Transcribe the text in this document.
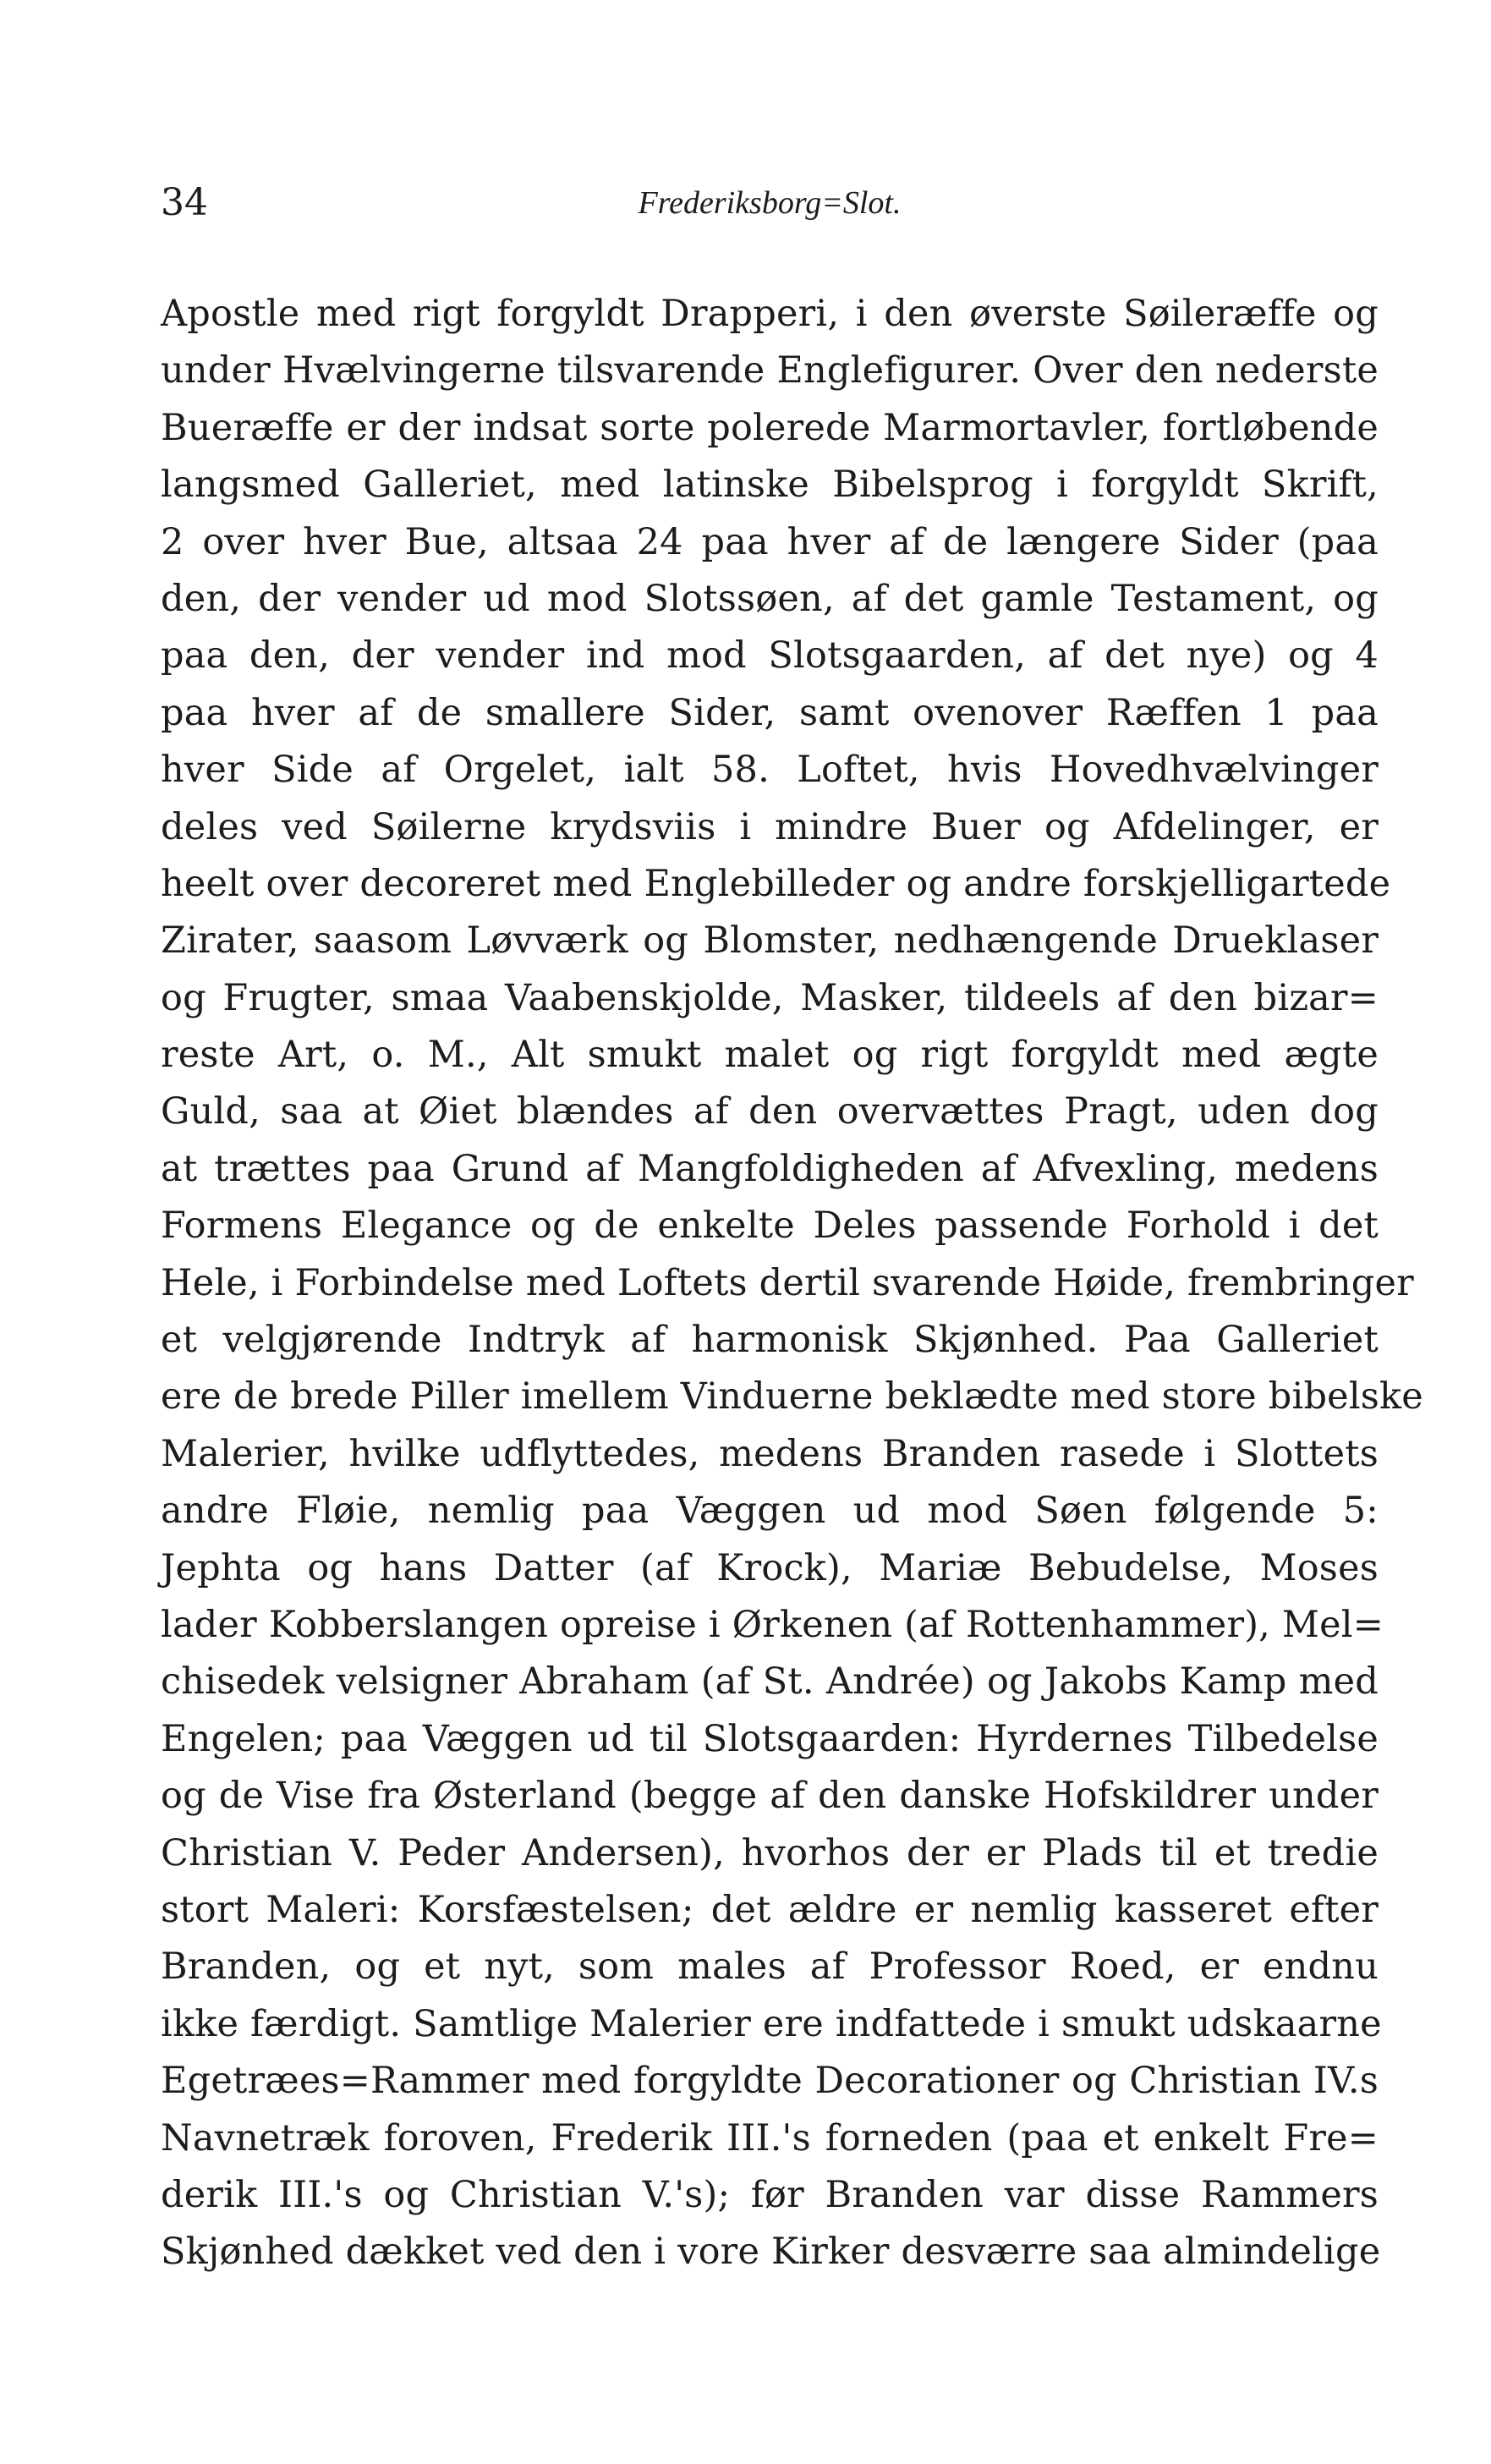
34	Frederiksborg=Slot.
Apostle med rigt forgyldt Drapperi, i den øverste Søileræffe og
under Hvælvingerne tilsvarende Englefigurer. Over den nederste
Bueræffe er der indsat sorte polerede Marmortavler, fortløbende
langsmed Galleriet, med latinske Bibelsprog i forgyldt Skrift,
2 over hver Bue, altsaa 24 paa hver af de længere Sider (paa
den, der vender ud mod Slotssøen, af det gamle Testament, og
paa den, der vender ind mod Slotsgaarden, af det nye) og 4
paa hver af de smallere Sider, samt ovenover Ræffen 1 paa
hver Side af Orgelet, ialt 58. Loftet, hvis Hovedhvælvinger
deles ved Søilerne krydsviis i mindre Buer og Afdelinger, er
heelt over decoreret med Englebilleder og andre forskjelligartede
Zirater, saasom Løvværk og Blomster, nedhængende Drueklaser
og Frugter, smaa Vaabenskjolde, Masker, tildeels af den bizar=
reste Art, o. M., Alt smukt malet og rigt forgyldt med ægte
Guld, saa at Øiet blændes af den overvættes Pragt, uden dog
at trættes paa Grund af Mangfoldigheden af Afvexling, medens
Formens Elegance og de enkelte Deles passende Forhold i det
Hele, i Forbindelse med Loftets dertil svarende Høide, frembringer
et velgjørende Indtryk af harmonisk Skjønhed. Paa Galleriet
ere de brede Piller imellem Vinduerne beklædte med store bibelske
Malerier, hvilke udflyttedes, medens Branden rasede i Slottets
andre Fløie, nemlig paa Væggen ud mod Søen følgende 5:
Jephta og hans Datter (af Krock), Mariæ Bebudelse, Moses
lader Kobberslangen opreise i Ørkenen (af Rottenhammer), Mel=
chisedek velsigner Abraham (af St. Andrée) og Jakobs Kamp med
Engelen; paa Væggen ud til Slotsgaarden: Hyrdernes Tilbedelse
og de Vise fra Østerland (begge af den danske Hofskildrer under
Christian V. Peder Andersen), hvorhos der er Plads til et tredie
stort Maleri: Korsfæstelsen; det ældre er nemlig kasseret efter
Branden, og et nyt, som males af Professor Roed, er endnu
ikke færdigt. Samtlige Malerier ere indfattede i smukt udskaarne
Egetræes=Rammer med forgyldte Decorationer og Christian IV.s
Navnetræk foroven, Frederik III.'s forneden (paa et enkelt Fre=
derik III.'s og Christian V.'s); før Branden var disse Rammers
Skjønhed dækket ved den i vore Kirker desværre saa almindelige
